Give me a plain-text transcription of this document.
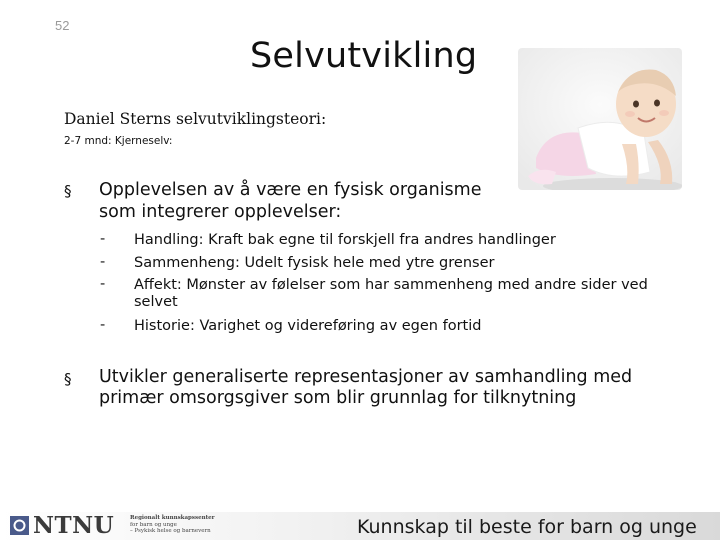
52
Selvutvikling
Daniel Sterns selvutviklingsteori:
2-7 mnd: Kjerneselv:
§ Opplevelsen av å være en fysisk organisme
som integrerer opplevelser:
- Handling: Kraft bak egne til forskjell fra andres handlinger
- Sammenheng: Udelt fysisk hele med ytre grenser
- Affekt: Mønster av følelser som har sammenheng med andre sider ved
selvet
- Historie: Varighet og videreføring av egen fortid
§ Utvikler generaliserte representasjoner av samhandling med
primær omsorgsgiver som blir grunnlag for tilknytning
NTNU	Regionalt kunnskapssenter
for barn og unge
– Psykisk helse og barnevern	Kunnskap til beste for barn og unge
